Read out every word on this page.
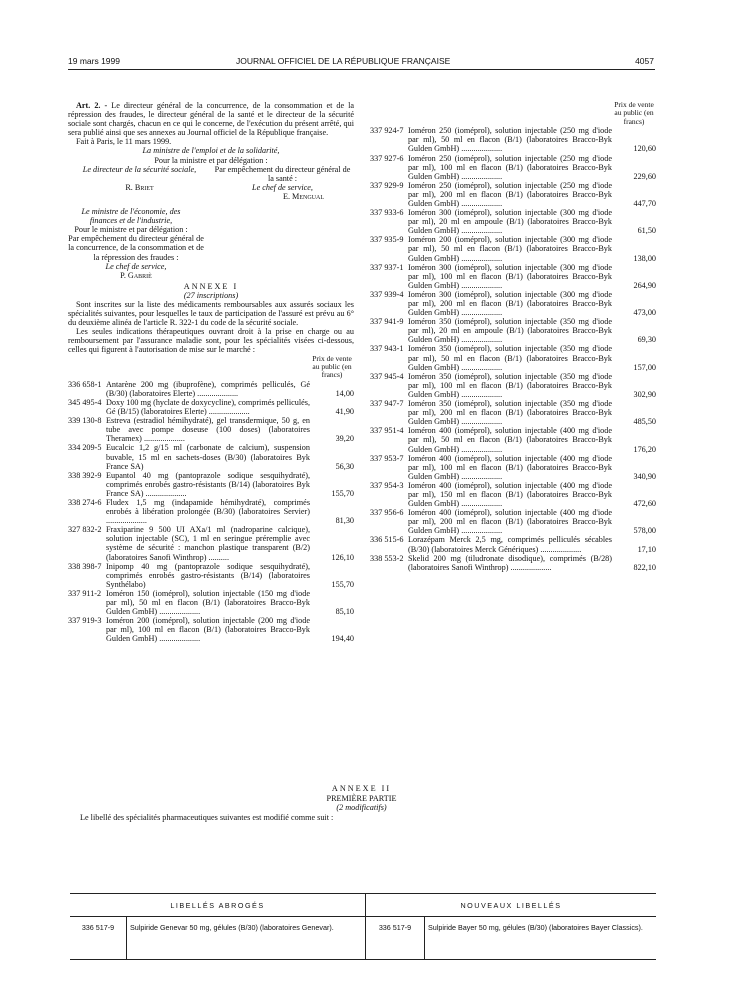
19 mars 1999	JOURNAL OFFICIEL DE LA RÉPUBLIQUE FRANÇAISE	4057

Art. 2. - Le directeur général de la concurrence, de la consommation et de la répression des fraudes, le directeur général de la santé et le directeur de la sécurité sociale sont chargés, chacun en ce qui le concerne, de l'exécution du présent arrêté, qui sera publié ainsi que ses annexes au Journal officiel de la République française.

Fait à Paris, le 11 mars 1999.

La ministre de l'emploi et de la solidarité,

Pour la ministre et par délégation :

Le directeur de la sécurité sociale,	Par empêchement du directeur général de la santé :
R. Briet	Le chef de service,

E. Mengual

Le ministre de l'économie, des finances et de l'industrie,

Pour le ministre et par délégation :

Par empêchement du directeur général de la concurrence, de la consommation et de la répression des fraudes :

Le chef de service,

P. Gabriè

ANNEXE I

(27 inscriptions)

Sont inscrites sur la liste des médicaments remboursables aux assurés sociaux les spécialités suivantes, pour lesquelles le taux de participation de l'assuré est prévu au 6° du deuxième alinéa de l'article R. 322-1 du code de la sécurité sociale.

Les seules indications thérapeutiques ouvrant droit à la prise en charge ou au remboursement par l'assurance maladie sont, pour les spécialités visées ci-dessous, celles qui figurent à l'autorisation de mise sur le marché :

Prix de vente au public (en francs)
336 658-1 Antarène 200 mg (ibuprofène), comprimés pelliculés, Gé (B/30) (laboratoires Elerte) ....................	14,00
345 495-4 Doxy 100 mg (hyclate de doxycycline), comprimés pelliculés, Gé (B/15) (laboratoires Elerte) ....................	41,90
339 130-8 Estreva (estradiol hémihydraté), gel transdermique, 50 g, en tube avec pompe doseuse (100 doses) (laboratoires Theramex) ....................	39,20
334 209-5 Eucalcic 1,2 g/15 ml (carbonate de calcium), suspension buvable, 15 ml en sachets-doses (B/30) (laboratoires Byk France SA)	56,30
338 392-9 Eupantol 40 mg (pantoprazole sodique sesquihydraté), comprimés enrobés gastro-résistants (B/14) (laboratoires Byk France SA) ....................	155,70
338 274-6 Fludex 1,5 mg (indapamide hémihydraté), comprimés enrobés à libération prolongée (B/30) (laboratoires Servier) ....................	81,30
327 832-2 Fraxiparine 9 500 UI AXa/1 ml (nadroparine calcique), solution injectable (SC), 1 ml en seringue préremplie avec système de sécurité : manchon plastique transparent (B/2) (laboratoires Sanofi Winthrop) ..........	126,10
338 398-7 Inipomp 40 mg (pantoprazole sodique sesquihydraté), comprimés enrobés gastro-résistants (B/14) (laboratoires Synthélabo)	155,70
337 911-2 Ioméron 150 (ioméprol), solution injectable (150 mg d'iode par ml), 50 ml en flacon (B/1) (laboratoires Bracco-Byk Gulden GmbH) ....................	85,10
337 919-3 Ioméron 200 (ioméprol), solution injectable (200 mg d'iode par ml), 100 ml en flacon (B/1) (laboratoires Bracco-Byk Gulden GmbH) ....................	194,40
Prix de vente au public (en francs)
337 924-7 Ioméron 250 (ioméprol), solution injectable (250 mg d'iode par ml), 50 ml en flacon (B/1) (laboratoires Bracco-Byk Gulden GmbH) ....................	120,60
337 927-6 Ioméron 250 (ioméprol), solution injectable (250 mg d'iode par ml), 100 ml en flacon (B/1) (laboratoires Bracco-Byk Gulden GmbH) ....................	229,60
337 929-9 Ioméron 250 (ioméprol), solution injectable (250 mg d'iode par ml), 200 ml en flacon (B/1) (laboratoires Bracco-Byk Gulden GmbH) ....................	447,70
337 933-6 Ioméron 300 (ioméprol), solution injectable (300 mg d'iode par ml), 20 ml en ampoule (B/1) (laboratoires Bracco-Byk Gulden GmbH) ....................	61,50
337 935-9 Ioméron 200 (ioméprol), solution injectable (300 mg d'iode par ml), 50 ml en flacon (B/1) (laboratoires Bracco-Byk Gulden GmbH) ....................	138,00
337 937-1 Ioméron 300 (ioméprol), solution injectable (300 mg d'iode par ml), 100 ml en flacon (B/1) (laboratoires Bracco-Byk Gulden GmbH) ....................	264,90
337 939-4 Ioméron 300 (ioméprol), solution injectable (300 mg d'iode par ml), 200 ml en flacon (B/1) (laboratoires Bracco-Byk Gulden GmbH) ....................	473,00
337 941-9 Ioméron 350 (ioméprol), solution injectable (350 mg d'iode par ml), 20 ml en ampoule (B/1) (laboratoires Bracco-Byk Gulden GmbH) ....................	69,30
337 943-1 Ioméron 350 (ioméprol), solution injectable (350 mg d'iode par ml), 50 ml en flacon (B/1) (laboratoires Bracco-Byk Gulden GmbH) ....................	157,00
337 945-4 Ioméron 350 (ioméprol), solution injectable (350 mg d'iode par ml), 100 ml en flacon (B/1) (laboratoires Bracco-Byk Gulden GmbH) ....................	302,90
337 947-7 Ioméron 350 (ioméprol), solution injectable (350 mg d'iode par ml), 200 ml en flacon (B/1) (laboratoires Bracco-Byk Gulden GmbH) ....................	485,50
337 951-4 Ioméron 400 (ioméprol), solution injectable (400 mg d'iode par ml), 50 ml en flacon (B/1) (laboratoires Bracco-Byk Gulden GmbH) ....................	176,20
337 953-7 Ioméron 400 (ioméprol), solution injectable (400 mg d'iode par ml), 100 ml en flacon (B/1) (laboratoires Bracco-Byk Gulden GmbH) ....................	340,90
337 954-3 Ioméron 400 (ioméprol), solution injectable (400 mg d'iode par ml), 150 ml en flacon (B/1) (laboratoires Bracco-Byk Gulden GmbH) ....................	472,60
337 956-6 Ioméron 400 (ioméprol), solution injectable (400 mg d'iode par ml), 200 ml en flacon (B/1) (laboratoires Bracco-Byk Gulden GmbH) ....................	578,00
336 515-6 Lorazépam Merck 2,5 mg, comprimés pelliculés sécables (B/30) (laboratoires Merck Génériques) ....................	17,10
338 553-2 Skelid 200 mg (tiludronate disodique), comprimés (B/28) (laboratoires Sanofi Winthrop) ....................	822,10
ANNEXE II
PREMIÈRE PARTIE
(2 modificatifs)
Le libellé des spécialités pharmaceutiques suivantes est modifié comme suit :
LIBELLÉS ABROGÉS		NOUVEAUX LIBELLÉS	
336 517-9	Sulpiride Genevar 50 mg, gélules (B/30) (laboratoires Genevar).	336 517-9	Sulpiride Bayer 50 mg, gélules (B/30) (laboratoires Bayer Classics).
